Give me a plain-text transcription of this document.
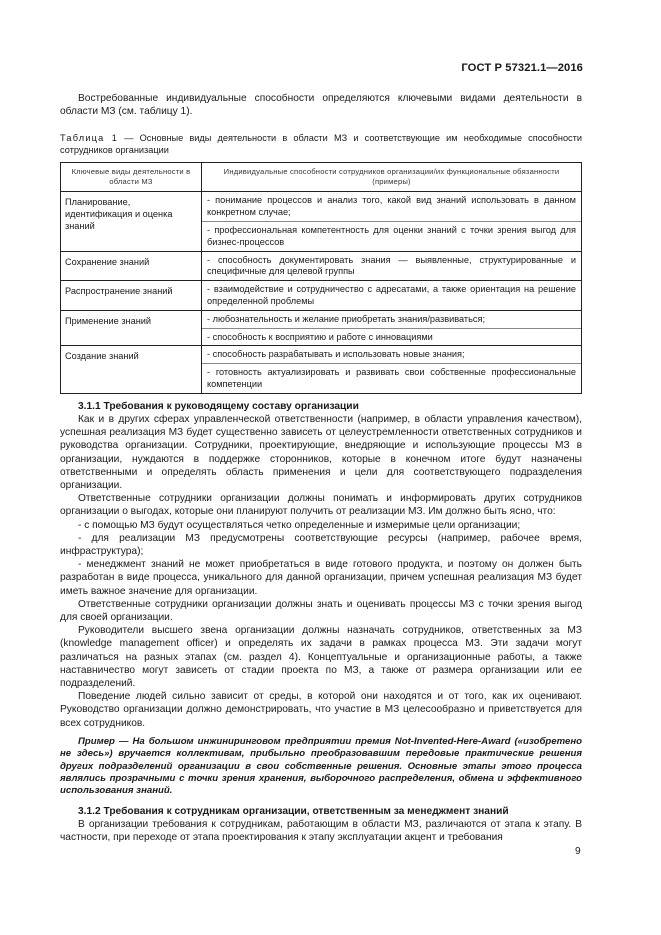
ГОСТ Р 57321.1—2016

Востребованные индивидуальные способности определяются ключевыми видами деятельности в области МЗ (см. таблицу 1).

Таблица 1 — Основные виды деятельности в области МЗ и соответствующие им необходимые способности сотрудников организации

Ключевые виды деятельности в области МЗ	Индивидуальные способности сотрудников организации/их функциональные обязанности (примеры)
Планирование, идентификация и оценка знаний	- понимание процессов и анализ того, какой вид знаний использовать в данном конкретном случае;
- профессиональная компетентность для оценки знаний с точки зрения выгод для бизнес-процессов

Сохранение знаний	- способность документировать знания — выявленные, структурированные и специфичные для целевой группы

Распространение знаний	- взаимодействие и сотрудничество с адресатами, а также ориентация на решение определенной проблемы

Применение знаний	- любознательность и желание приобретать знания/развиваться;
- способность к восприятию и работе с инновациями

Создание знаний	- способность разрабатывать и использовать новые знания;
- готовность актуализировать и развивать свои собственные профессиональные компетенции
3.1.1 Требования к руководящему составу организации

Как и в других сферах управленческой ответственности (например, в области управления качеством), успешная реализация МЗ будет существенно зависеть от целеустремленности ответственных сотрудников и руководства организации. Сотрудники, проектирующие, внедряющие и использующие процессы МЗ в организации, нуждаются в поддержке сторонников, которые в конечном итоге будут назначены ответственными и определять область применения и цели для соответствующего подразделения организации.

Ответственные сотрудники организации должны понимать и информировать других сотрудников организации о выгодах, которые они планируют получить от реализации МЗ. Им должно быть ясно, что:

- с помощью МЗ будут осуществляться четко определенные и измеримые цели организации;

- для реализации МЗ предусмотрены соответствующие ресурсы (например, рабочее время, инфраструктура);

- менеджмент знаний не может приобретаться в виде готового продукта, и поэтому он должен быть разработан в виде процесса, уникального для данной организации, причем успешная реализация МЗ будет иметь важное значение для организации.

Ответственные сотрудники организации должны знать и оценивать процессы МЗ с точки зрения выгод для своей организации.

Руководители высшего звена организации должны назначать сотрудников, ответственных за МЗ (knowledge management officer) и определять их задачи в рамках процесса МЗ. Эти задачи могут различаться на разных этапах (см. раздел 4). Концептуальные и организационные работы, а также наставничество могут зависеть от стадии проекта по МЗ, а также от размера организации или ее подразделений.

Поведение людей сильно зависит от среды, в которой они находятся и от того, как их оценивают. Руководство организации должно демонстрировать, что участие в МЗ целесообразно и приветствуется для всех сотрудников.

Пример — На большом инжиниринговом предприятии премия Not-Invented-Here-Award («изобретено не здесь») вручается коллективам, прибыльно преобразовавшим передовые практические решения других подразделений организации в свои собственные решения. Основные этапы этого процесса являлись прозрачными с точки зрения хранения, выборочного распределения, обмена и эффективного использования знаний.

3.1.2 Требования к сотрудникам организации, ответственным за менеджмент знаний

В организации требования к сотрудникам, работающим в области МЗ, различаются от этапа к этапу. В частности, при переходе от этапа проектирования к этапу эксплуатации акцент и требования

9
